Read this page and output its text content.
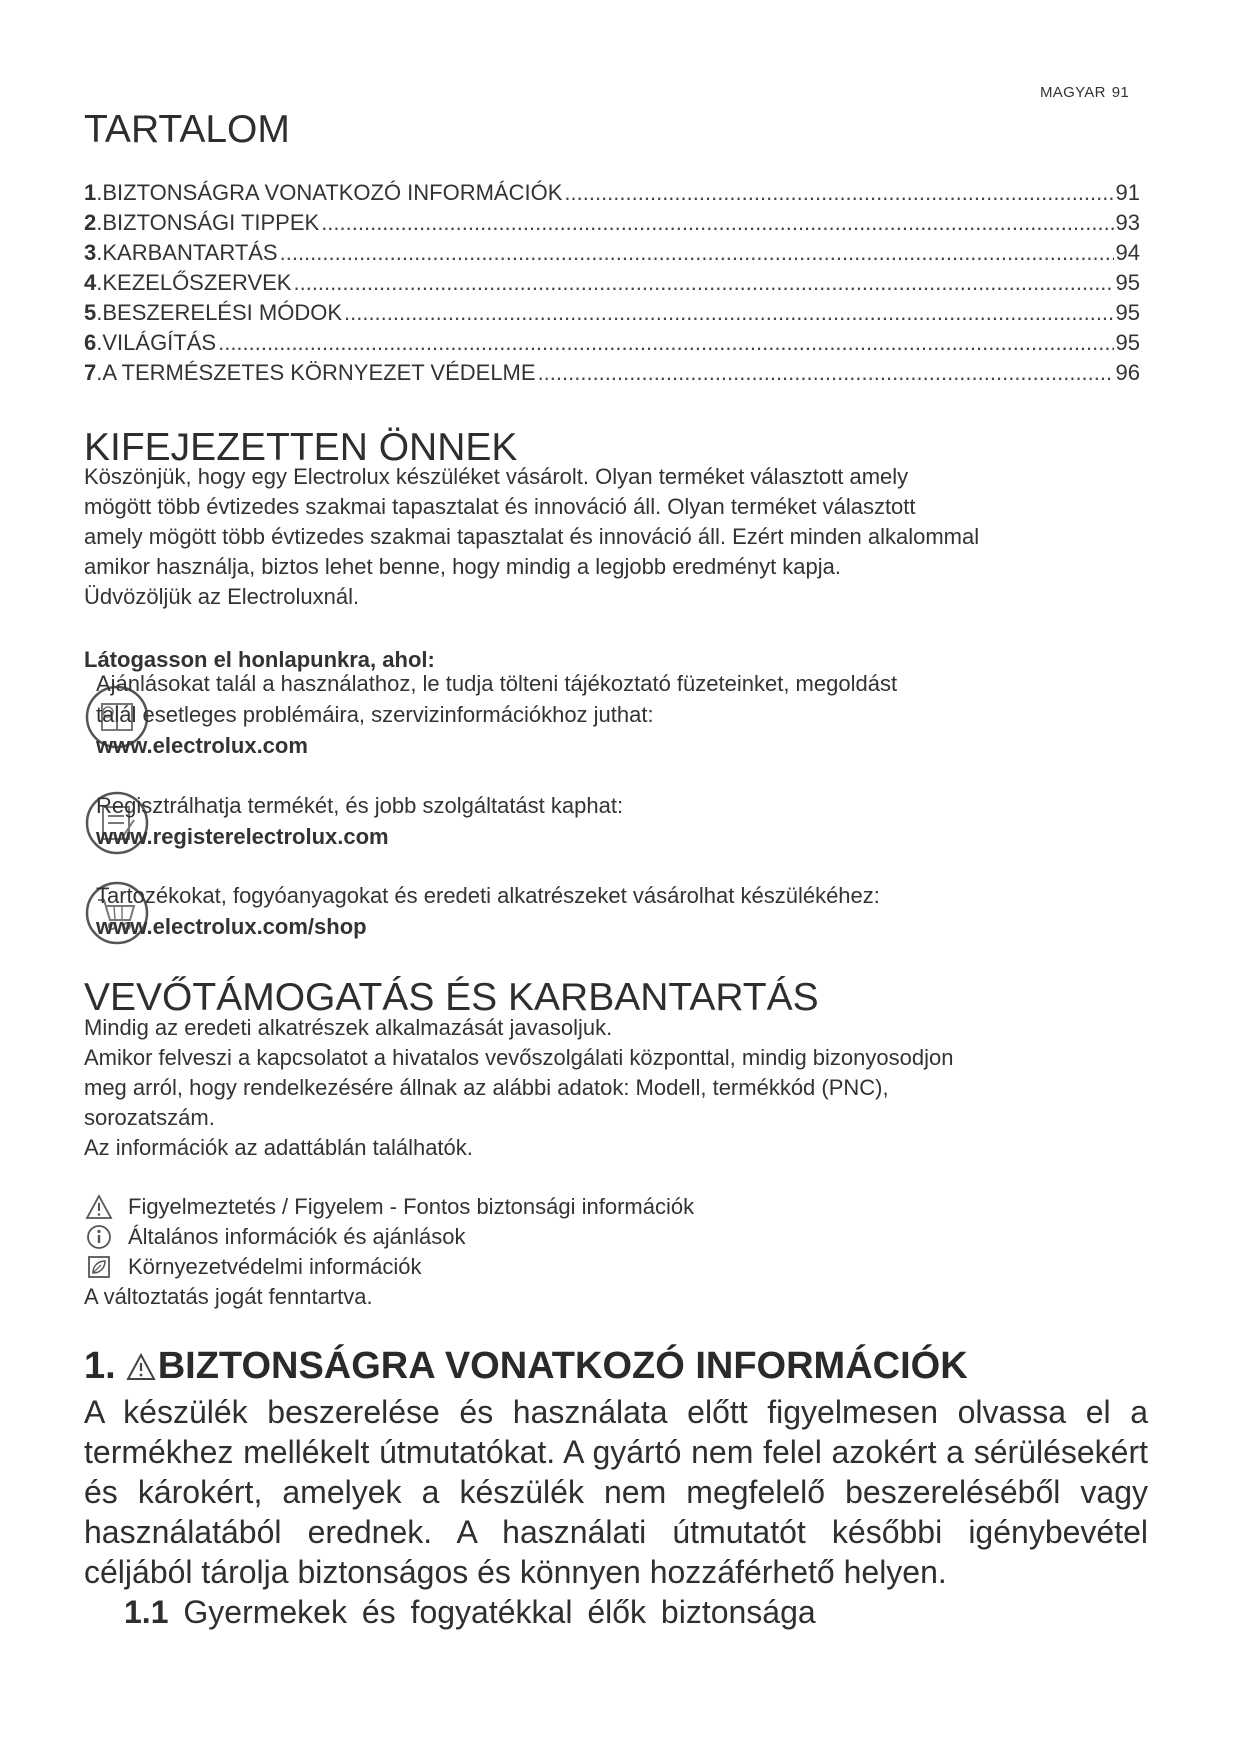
MAGYAR 91
TARTALOM
1 . BIZTONSÁGRA VONATKOZÓ INFORMÁCIÓK .....	91
2 . BIZTONSÁGI TIPPEK .....	93
3 . KARBANTARTÁS .....	94
4 . KEZELŐSZERVEK .....	95
5 . BESZERELÉSI MÓDOK .....	95
6 . VILÁGÍTÁS .....	95
7 . A TERMÉSZETES KÖRNYEZET VÉDELME .....	96
KIFEJEZETTEN ÖNNEK
Köszönjük, hogy egy Electrolux készüléket vásárolt. Olyan terméket választott amely
mögött több évtizedes szakmai tapasztalat és innováció áll. Olyan terméket választott
amely mögött több évtizedes szakmai tapasztalat és innováció áll. Ezért minden alkalommal
amikor használja, biztos lehet benne, hogy mindig a legjobb eredményt kapja.
Üdvözöljük az Electroluxnál.
Látogasson el honlapunkra, ahol:
Ajánlásokat talál a használathoz, le tudja tölteni tájékoztató füzeteinket, megoldást
talál esetleges problémáira, szervizinformációkhoz juthat:
www.electrolux.com
Regisztrálhatja termékét, és jobb szolgáltatást kaphat:
www.registerelectrolux.com
Tartozékokat, fogyóanyagokat és eredeti alkatrészeket vásárolhat készülékéhez:
www.electrolux.com/shop
VEVŐTÁMOGATÁS ÉS KARBANTARTÁS
Mindig az eredeti alkatrészek alkalmazását javasoljuk.
Amikor felveszi a kapcsolatot a hivatalos vevőszolgálati központtal, mindig bizonyosodjon
meg arról, hogy rendelkezésére állnak az alábbi adatok: Modell, termékkód (PNC),
sorozatszám.
Az információk az adattáblán találhatók.
Figyelmeztetés / Figyelem - Fontos biztonsági információk
Általános információk és ajánlások
Környezetvédelmi információk
A változtatás jogát fenntartva.
1. BIZTONSÁGRA VONATKOZÓ INFORMÁCIÓK
A készülék beszerelése és használata előtt figyelmesen olvassa el a termékhez mellékelt útmutatókat. A gyártó nem felel azokért a sérülésekért és károkért, amelyek a készülék nem megfelelő beszereléséből vagy használatából erednek. A használati útmutatót későbbi igénybevétel céljából tárolja biztonságos és könnyen hozzáférhető helyen.
1.1 Gyermekek és fogyatékkal élők biztonsága
